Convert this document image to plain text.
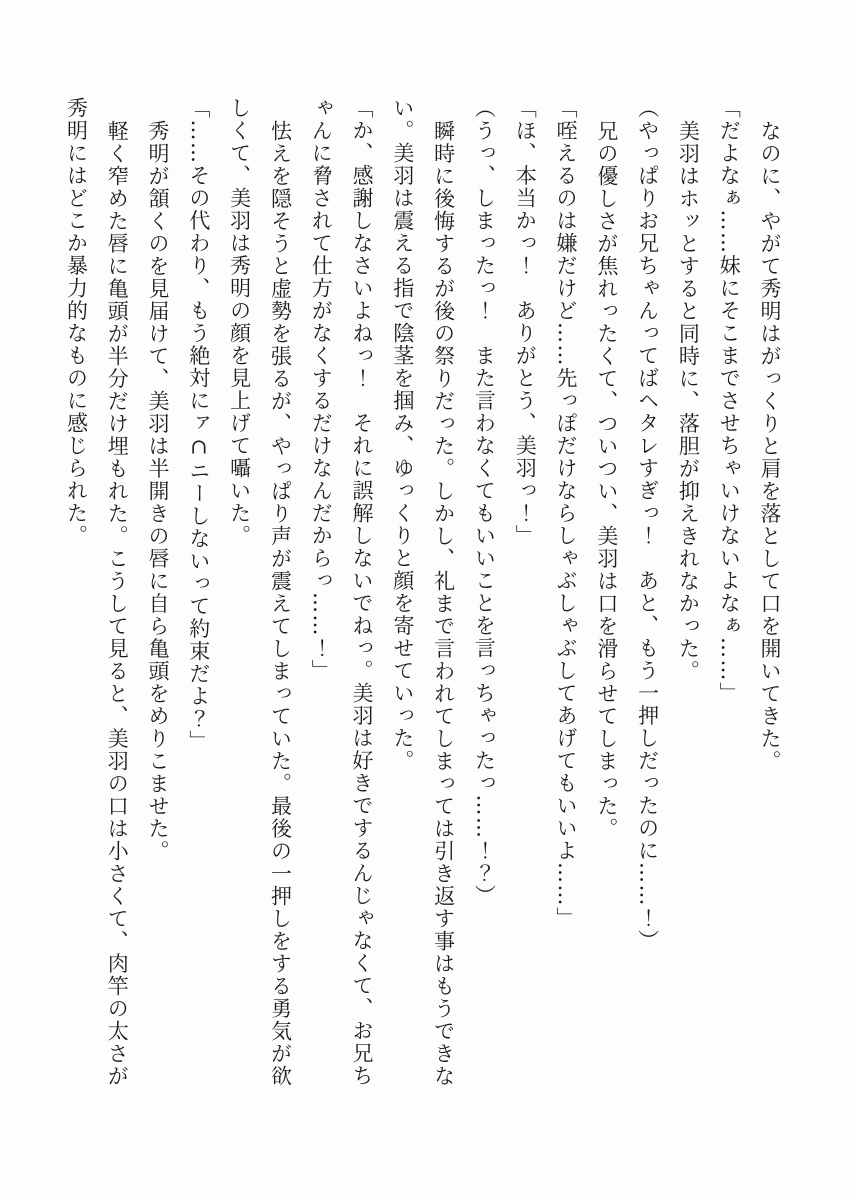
なのに、やがて秀明はがっくりと肩を落として口を開いてきた。

「だよなぁ……妹にそこまでさせちゃいけないよなぁ……」

美羽はホッとすると同時に、落胆が抑えきれなかった。

（やっぱりお兄ちゃんってばヘタレすぎっ！　あと、もう一押しだったのに……！）

兄の優しさが焦れったくて、ついつい、美羽は口を滑らせてしまった。

「咥えるのは嫌だけど……先っぽだけならしゃぶしゃぶしてあげてもいいよ……」

「ほ、本当かっ！　ありがとう、美羽っ！」

（うっ、しまったっ！　また言わなくてもいいことを言っちゃったっ……！？）

瞬時に後悔するが後の祭りだった。しかし、礼まで言われてしまっては引き返す事はもうできない。美羽は震える指で陰茎を掴み、ゆっくりと顔を寄せていった。

「か、感謝しなさいよねっ！　それに誤解しないでねっ。美羽は好きでするんじゃなくて、お兄ちゃんに脅されて仕方がなくするだけなんだからっ……！」

怯えを隠そうと虚勢を張るが、やっぱり声が震えてしまっていた。最後の一押しをする勇気が欲しくて、美羽は秀明の顔を見上げて囁いた。

「……その代わり、もう絶対にァ∩ニーしないって約束だよ？」

秀明が頷くのを見届けて、美羽は半開きの唇に自ら亀頭をめりこませた。

軽く窄めた唇に亀頭が半分だけ埋もれた。こうして見ると、美羽の口は小さくて、肉竿の太さが秀明にはどこか暴力的なものに感じられた。
